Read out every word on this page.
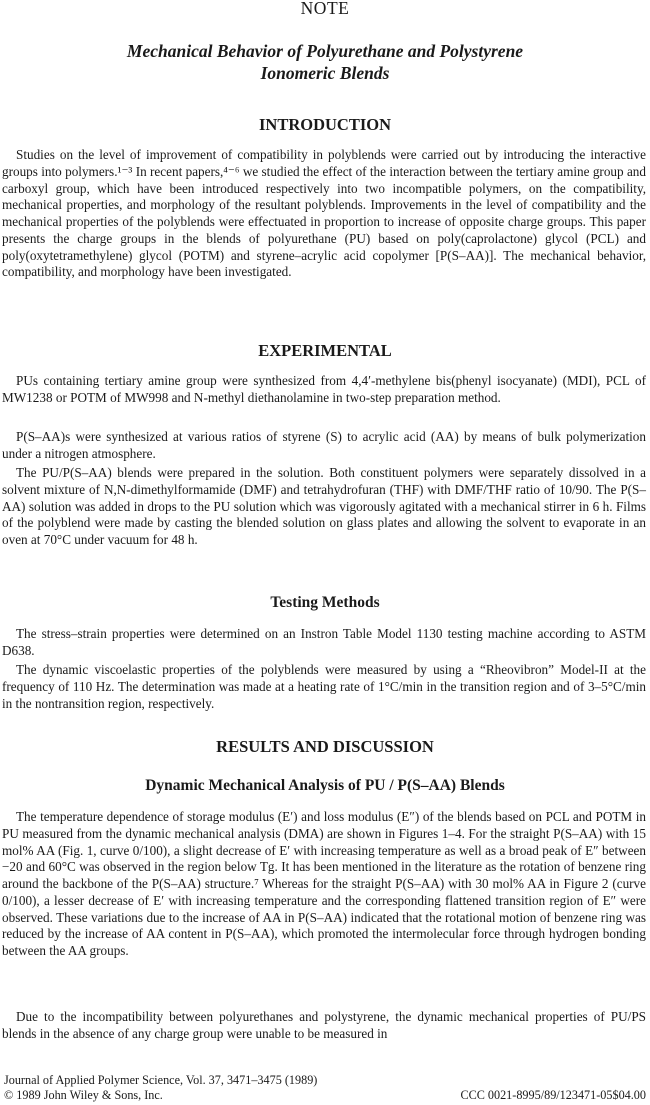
NOTE

Mechanical Behavior of Polyurethane and Polystyrene
Ionomeric Blends
INTRODUCTION

Studies on the level of improvement of compatibility in polyblends were carried out by introducing the interactive groups into polymers.¹⁻³ In recent papers,⁴⁻⁶ we studied the effect of the interaction between the tertiary amine group and carboxyl group, which have been introduced respectively into two incompatible polymers, on the compatibility, mechanical properties, and morphology of the resultant polyblends. Improvements in the level of compatibility and the mechanical properties of the polyblends were effectuated in proportion to increase of opposite charge groups. This paper presents the charge groups in the blends of polyurethane (PU) based on poly(caprolactone) glycol (PCL) and poly(oxytetramethylene) glycol (POTM) and styrene–acrylic acid copolymer [P(S–AA)]. The mechanical behavior, compatibility, and morphology have been investigated.

EXPERIMENTAL

PUs containing tertiary amine group were synthesized from 4,4′-methylene bis(phenyl isocyanate) (MDI), PCL of MW1238 or POTM of MW998 and N-methyl diethanolamine in two-step preparation method.

P(S–AA)s were synthesized at various ratios of styrene (S) to acrylic acid (AA) by means of bulk polymerization under a nitrogen atmosphere.

The PU/P(S–AA) blends were prepared in the solution. Both constituent polymers were separately dissolved in a solvent mixture of N,N-dimethylformamide (DMF) and tetrahydrofuran (THF) with DMF/THF ratio of 10/90. The P(S–AA) solution was added in drops to the PU solution which was vigorously agitated with a mechanical stirrer in 6 h. Films of the polyblend were made by casting the blended solution on glass plates and allowing the solvent to evaporate in an oven at 70°C under vacuum for 48 h.

Testing Methods

The stress–strain properties were determined on an Instron Table Model 1130 testing machine according to ASTM D638.

The dynamic viscoelastic properties of the polyblends were measured by using a “Rheovibron” Model-II at the frequency of 110 Hz. The determination was made at a heating rate of 1°C/min in the transition region and of 3–5°C/min in the nontransition region, respectively.

RESULTS AND DISCUSSION
Dynamic Mechanical Analysis of PU / P(S–AA) Blends

The temperature dependence of storage modulus (E′) and loss modulus (E″) of the blends based on PCL and POTM in PU measured from the dynamic mechanical analysis (DMA) are shown in Figures 1–4. For the straight P(S–AA) with 15 mol% AA (Fig. 1, curve 0/100), a slight decrease of E′ with increasing temperature as well as a broad peak of E″ between −20 and 60°C was observed in the region below Tg. It has been mentioned in the literature as the rotation of benzene ring around the backbone of the P(S–AA) structure.⁷ Whereas for the straight P(S–AA) with 30 mol% AA in Figure 2 (curve 0/100), a lesser decrease of E′ with increasing temperature and the corresponding flattened transition region of E″ were observed. These variations due to the increase of AA in P(S–AA) indicated that the rotational motion of benzene ring was reduced by the increase of AA content in P(S–AA), which promoted the intermolecular force through hydrogen bonding between the AA groups.

Due to the incompatibility between polyurethanes and polystyrene, the dynamic mechanical properties of PU/PS blends in the absence of any charge group were unable to be measured in

Journal of Applied Polymer Science, Vol. 37, 3471–3475 (1989)
© 1989 John Wiley & Sons, Inc.	CCC 0021-8995/89/123471-05$04.00
